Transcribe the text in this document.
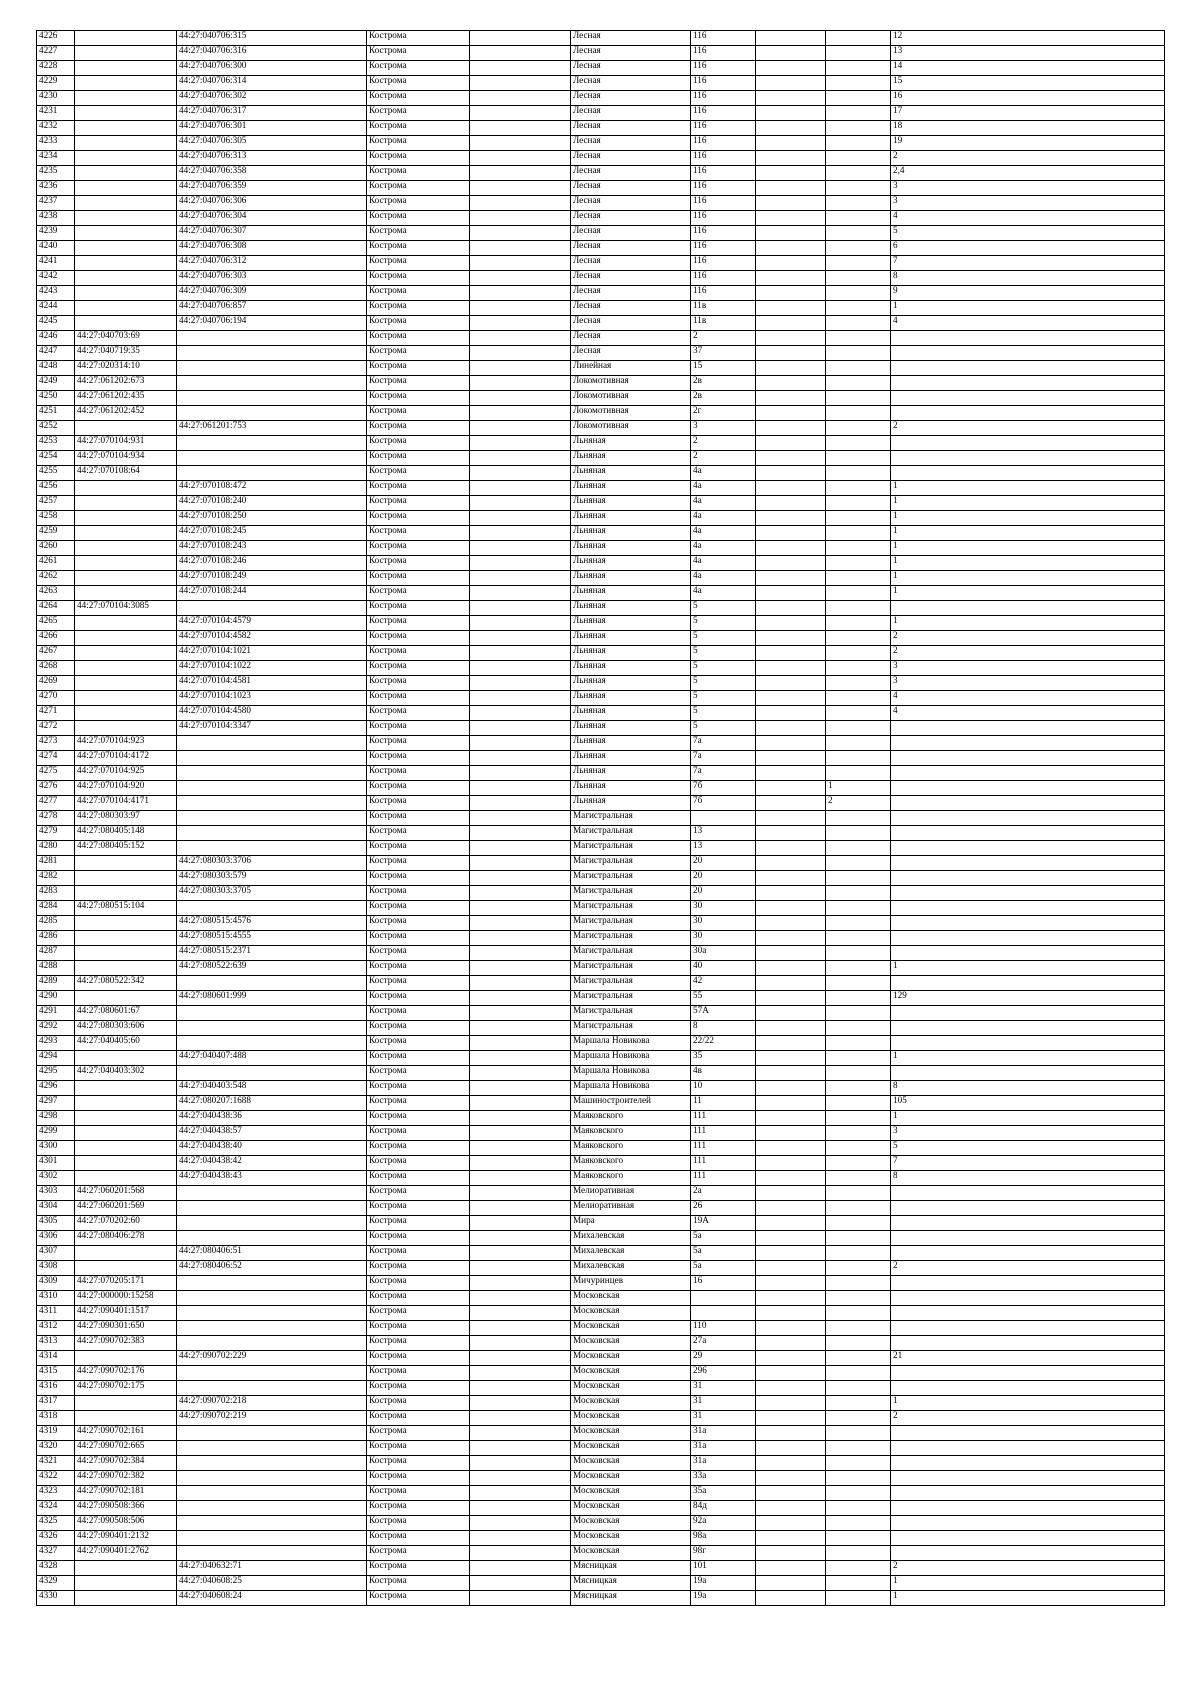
4226		44:27:040706:315	Кострома		Лесная	116			12
4227		44:27:040706:316	Кострома		Лесная	116			13
4228		44:27:040706:300	Кострома		Лесная	116			14
4229		44:27:040706:314	Кострома		Лесная	116			15
4230		44:27:040706:302	Кострома		Лесная	116			16
4231		44:27:040706:317	Кострома		Лесная	116			17
4232		44:27:040706:301	Кострома		Лесная	116			18
4233		44:27:040706:305	Кострома		Лесная	116			19
4234		44:27:040706:313	Кострома		Лесная	116			2
4235		44:27:040706:358	Кострома		Лесная	116			2,4
4236		44:27:040706:359	Кострома		Лесная	116			3
4237		44:27:040706:306	Кострома		Лесная	116			3
4238		44:27:040706:304	Кострома		Лесная	116			4
4239		44:27:040706:307	Кострома		Лесная	116			5
4240		44:27:040706:308	Кострома		Лесная	116			6
4241		44:27:040706:312	Кострома		Лесная	116			7
4242		44:27:040706:303	Кострома		Лесная	116			8
4243		44:27:040706:309	Кострома		Лесная	116			9
4244		44:27:040706:857	Кострома		Лесная	11в			1
4245		44:27:040706:194	Кострома		Лесная	11в			4
4246	44:27:040703:69		Кострома		Лесная	2			
4247	44:27:040719:35		Кострома		Лесная	37			
4248	44:27:020314:10		Кострома		Линейная	15			
4249	44:27:061202:673		Кострома		Локомотивная	2в			
4250	44:27:061202:435		Кострома		Локомотивная	2в			
4251	44:27:061202:452		Кострома		Локомотивная	2г			
4252		44:27:061201:753	Кострома		Локомотивная	3			2
4253	44:27:070104:931		Кострома		Льняная	2			
4254	44:27:070104:934		Кострома		Льняная	2			
4255	44:27:070108:64		Кострома		Льняная	4а			
4256		44:27:070108:472	Кострома		Льняная	4а			1
4257		44:27:070108:240	Кострома		Льняная	4а			1
4258		44:27:070108:250	Кострома		Льняная	4а			1
4259		44:27:070108:245	Кострома		Льняная	4а			1
4260		44:27:070108:243	Кострома		Льняная	4а			1
4261		44:27:070108:246	Кострома		Льняная	4а			1
4262		44:27:070108:249	Кострома		Льняная	4а			1
4263		44:27:070108:244	Кострома		Льняная	4а			1
4264	44:27:070104:3085		Кострома		Льняная	5			
4265		44:27:070104:4579	Кострома		Льняная	5			1
4266		44:27:070104:4582	Кострома		Льняная	5			2
4267		44:27:070104:1021	Кострома		Льняная	5			2
4268		44:27:070104:1022	Кострома		Льняная	5			3
4269		44:27:070104:4581	Кострома		Льняная	5			3
4270		44:27:070104:1023	Кострома		Льняная	5			4
4271		44:27:070104:4580	Кострома		Льняная	5			4
4272		44:27:070104:3347	Кострома		Льняная	5			
4273	44:27:070104:923		Кострома		Льняная	7а			
4274	44:27:070104:4172		Кострома		Льняная	7а			
4275	44:27:070104:925		Кострома		Льняная	7а			
4276	44:27:070104:920		Кострома		Льняная	7б		1	
4277	44:27:070104:4171		Кострома		Льняная	7б		2	
4278	44:27:080303:97		Кострома		Магистральная				
4279	44:27:080405:148		Кострома		Магистральная	13			
4280	44:27:080405:152		Кострома		Магистральная	13			
4281		44:27:080303:3706	Кострома		Магистральная	20			
4282		44:27:080303:579	Кострома		Магистральная	20			
4283		44:27:080303:3705	Кострома		Магистральная	20			
4284	44:27:080515:104		Кострома		Магистральная	30			
4285		44:27:080515:4576	Кострома		Магистральная	30			
4286		44:27:080515:4555	Кострома		Магистральная	30			
4287		44:27:080515:2371	Кострома		Магистральная	30а			
4288		44:27:080522:639	Кострома		Магистральная	40			1
4289	44:27:080522:342		Кострома		Магистральная	42			
4290		44:27:080601:999	Кострома		Магистральная	55			129
4291	44:27:080601:67		Кострома		Магистральная	57А			
4292	44:27:080303:606		Кострома		Магистральная	8			
4293	44:27:040405:60		Кострома		Маршала Новикова	22/22			
4294		44:27:040407:488	Кострома		Маршала Новикова	35			1
4295	44:27:040403:302		Кострома		Маршала Новикова	4в			
4296		44:27:040403:548	Кострома		Маршала Новикова	10			8
4297		44:27:080207:1688	Кострома		Машиностроителей	11			105
4298		44:27:040438:36	Кострома		Маяковского	111			1
4299		44:27:040438:57	Кострома		Маяковского	111			3
4300		44:27:040438:40	Кострома		Маяковского	111			5
4301		44:27:040438:42	Кострома		Маяковского	111			7
4302		44:27:040438:43	Кострома		Маяковского	111			8
4303	44:27:060201:568		Кострома		Мелиоративная	2а			
4304	44:27:060201:569		Кострома		Мелиоративная	26			
4305	44:27:070202:60		Кострома		Мира	19А			
4306	44:27:080406:278		Кострома		Михалевская	5а			
4307		44:27:080406:51	Кострома		Михалевская	5а			
4308		44:27:080406:52	Кострома		Михалевская	5а			2
4309	44:27:070205:171		Кострома		Мичуринцев	16			
4310	44:27:000000:15258		Кострома		Московская				
4311	44:27:090401:1517		Кострома		Московская				
4312	44:27:090301:650		Кострома		Московская	110			
4313	44:27:090702:383		Кострома		Московская	27а			
4314		44:27:090702:229	Кострома		Московская	29			21
4315	44:27:090702:176		Кострома		Московская	296			
4316	44:27:090702:175		Кострома		Московская	31			
4317		44:27:090702:218	Кострома		Московская	31			1
4318		44:27:090702:219	Кострома		Московская	31			2
4319	44:27:090702:161		Кострома		Московская	31а			
4320	44:27:090702:665		Кострома		Московская	31а			
4321	44:27:090702:384		Кострома		Московская	31а			
4322	44:27:090702:382		Кострома		Московская	33а			
4323	44:27:090702:181		Кострома		Московская	35а			
4324	44:27:090508:366		Кострома		Московская	84д			
4325	44:27:090508:506		Кострома		Московская	92а			
4326	44:27:090401:2132		Кострома		Московская	98а			
4327	44:27:090401:2762		Кострома		Московская	98г			
4328		44:27:040632:71	Кострома		Мясницкая	101			2
4329		44:27:040608:25	Кострома		Мясницкая	19а			1
4330		44:27:040608:24	Кострома		Мясницкая	19а			1
